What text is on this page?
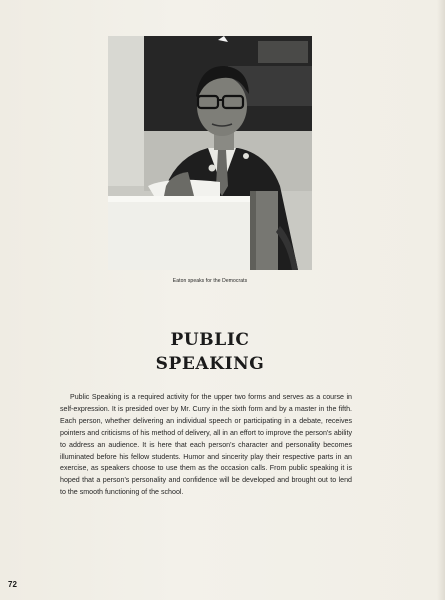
Eaton speaks for the Democrats
PUBLIC
SPEAKING

Public Speaking is a required activity for the upper two forms and serves as a course in self-expression. It is presided over by Mr. Curry in the sixth form and by a master in the fifth. Each person, whether delivering an individual speech or participating in a debate, receives pointers and criticisms of his method of delivery, all in an effort to improve the person's ability to address an audience. It is here that each person's character and personality becomes illuminated before his fellow students. Humor and sincerity play their respective parts in an exercise, as speakers choose to use them as the occasion calls. From public speaking it is hoped that a person's personality and confidence will be developed and brought out to lend to the smooth functioning of the school.

72
